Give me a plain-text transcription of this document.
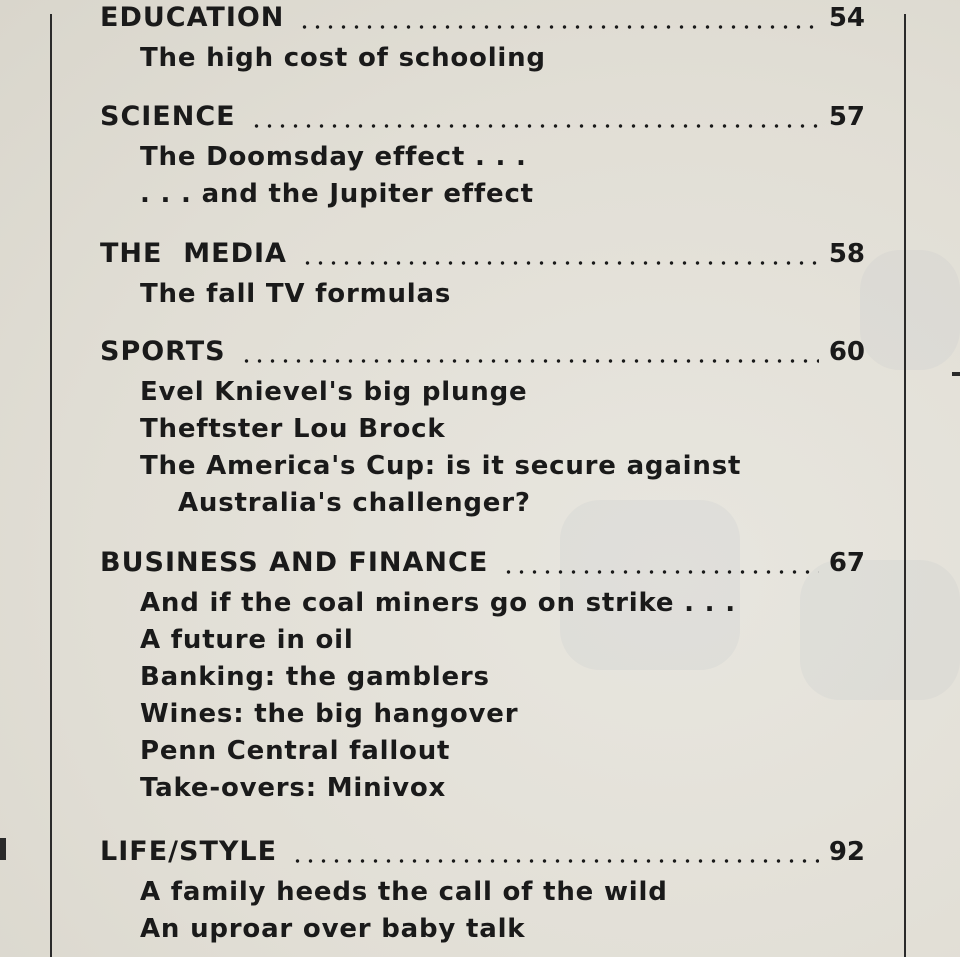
EDUCATION	54
The high cost of schooling
SCIENCE	57
The Doomsday effect . . .
. . . and the Jupiter effect
THE  MEDIA	58
The fall TV formulas
SPORTS	60
Evel Knievel's big plunge
Theftster Lou Brock
The America's Cup: is it secure against
Australia's challenger?
BUSINESS AND FINANCE	67
And if the coal miners go on strike . . .
A future in oil
Banking: the gamblers
Wines: the big hangover
Penn Central fallout
Take-overs: Minivox
LIFE/STYLE	92
A family heeds the call of the wild
An uproar over baby talk
